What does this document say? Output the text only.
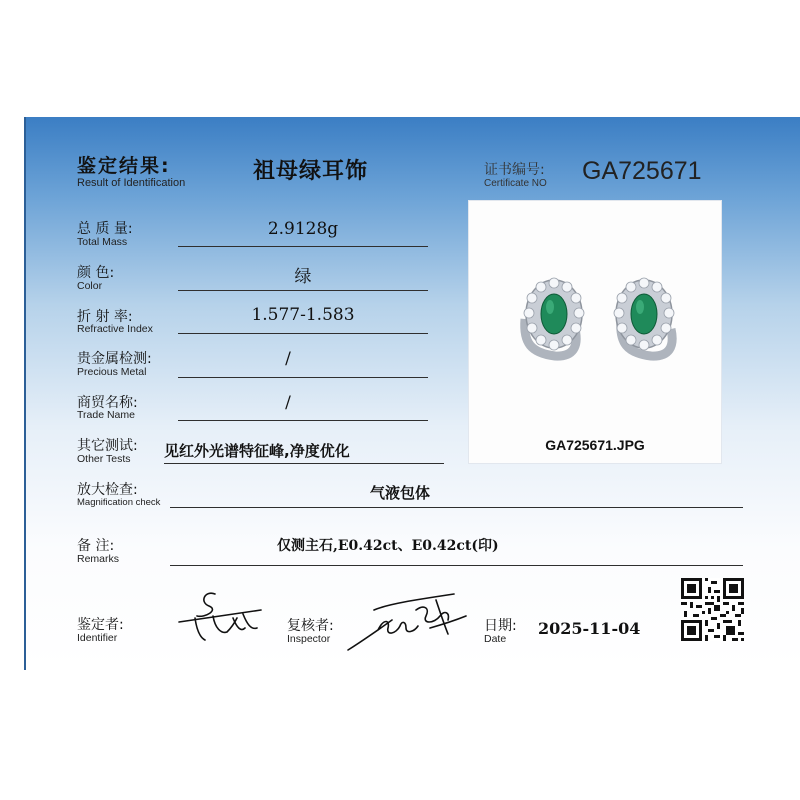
鉴定结果:
Result of Identification	祖母绿耳饰	证书编号:
Certificate NO GA725671
总 质 量:
Total Mass
2.9128g
颜 色:
Color	绿
折 射 率:
Refractive Index
1.577-1.583
贵金属检测:
Precious Metal
/
商贸名称:
Trade Name
/
其它测试:
Other Tests 见红外光谱特征峰,净度优化
放大检查:
Magnification check
气液包体
备 注:
Remarks
仅测主石,E0.42ct、E0.42ct(印)
GA725671.JPG
鉴定者:
Identifier
复核者:
Inspector
日期:
Date
2025-11-04
